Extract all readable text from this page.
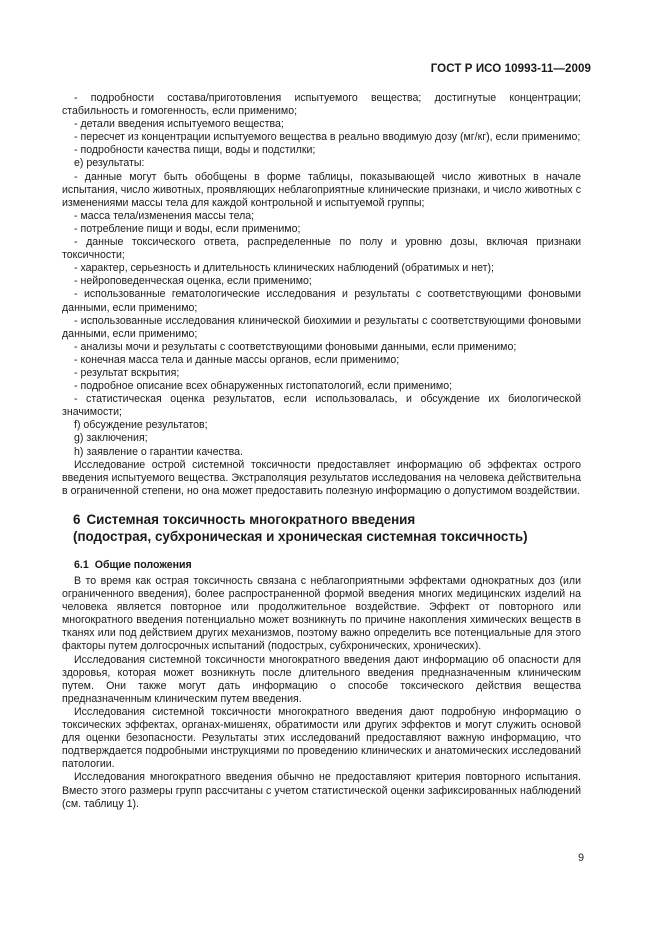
ГОСТ Р ИСО 10993-11—2009

- подробности состава/приготовления испытуемого вещества; достигнутые концентрации; стабильность и гомогенность, если применимо;

- детали введения испытуемого вещества;

- пересчет из концентрации испытуемого вещества в реально вводимую дозу (мг/кг), если применимо;

- подробности качества пищи, воды и подстилки;

е) результаты:

- данные могут быть обобщены в форме таблицы, показывающей число животных в начале испытания, число животных, проявляющих неблагоприятные клинические признаки, и число животных с изменениями массы тела для каждой контрольной и испытуемой группы;

- масса тела/изменения массы тела;

- потребление пищи и воды, если применимо;

- данные токсического ответа, распределенные по полу и уровню дозы, включая признаки токсичности;

- характер, серьезность и длительность клинических наблюдений (обратимых и нет);

- нейроповеденческая оценка, если применимо;

- использованные гематологические исследования и результаты с соответствующими фоновыми данными, если применимо;

- использованные исследования клинической биохимии и результаты с соответствующими фоновыми данными, если применимо;

- анализы мочи и результаты с соответствующими фоновыми данными, если применимо;

- конечная масса тела и данные массы органов, если применимо;

- результат вскрытия;

- подробное описание всех обнаруженных гистопатологий, если применимо;

- статистическая оценка результатов, если использовалась, и обсуждение их биологической значимости;

f) обсуждение результатов;

g) заключения;

h) заявление о гарантии качества.

Исследование острой системной токсичности предоставляет информацию об эффектах острого введения испытуемого вещества. Экстраполяция результатов исследования на человека действительна в ограниченной степени, но она может предоставить полезную информацию о допустимом воздействии.

6 Системная токсичность многократного введения
(подострая, субхроническая и хроническая системная токсичность)
6.1 Общие положения

В то время как острая токсичность связана с неблагоприятными эффектами однократных доз (или ограниченного введения), более распространенной формой введения многих медицинских изделий на человека является повторное или продолжительное воздействие. Эффект от повторного или многократного введения потенциально может возникнуть по причине накопления химических веществ в тканях или под действием других механизмов, поэтому важно определить все потенциальные для этого факторы путем долгосрочных испытаний (подострых, субхронических, хронических).

Исследования системной токсичности многократного введения дают информацию об опасности для здоровья, которая может возникнуть после длительного введения предназначенным клиническим путем. Они также могут дать информацию о способе токсического действия вещества предназначенным клиническим путем введения.

Исследования системной токсичности многократного введения дают подробную информацию о токсических эффектах, органах-мишенях, обратимости или других эффектов и могут служить основой для оценки безопасности. Результаты этих исследований предоставляют важную информацию, что подтверждается подробными инструкциями по проведению клинических и анатомических исследований патологии.

Исследования многократного введения обычно не предоставляют критерия повторного испытания. Вместо этого размеры групп рассчитаны с учетом статистической оценки зафиксированных наблюдений (см. таблицу 1).

9
